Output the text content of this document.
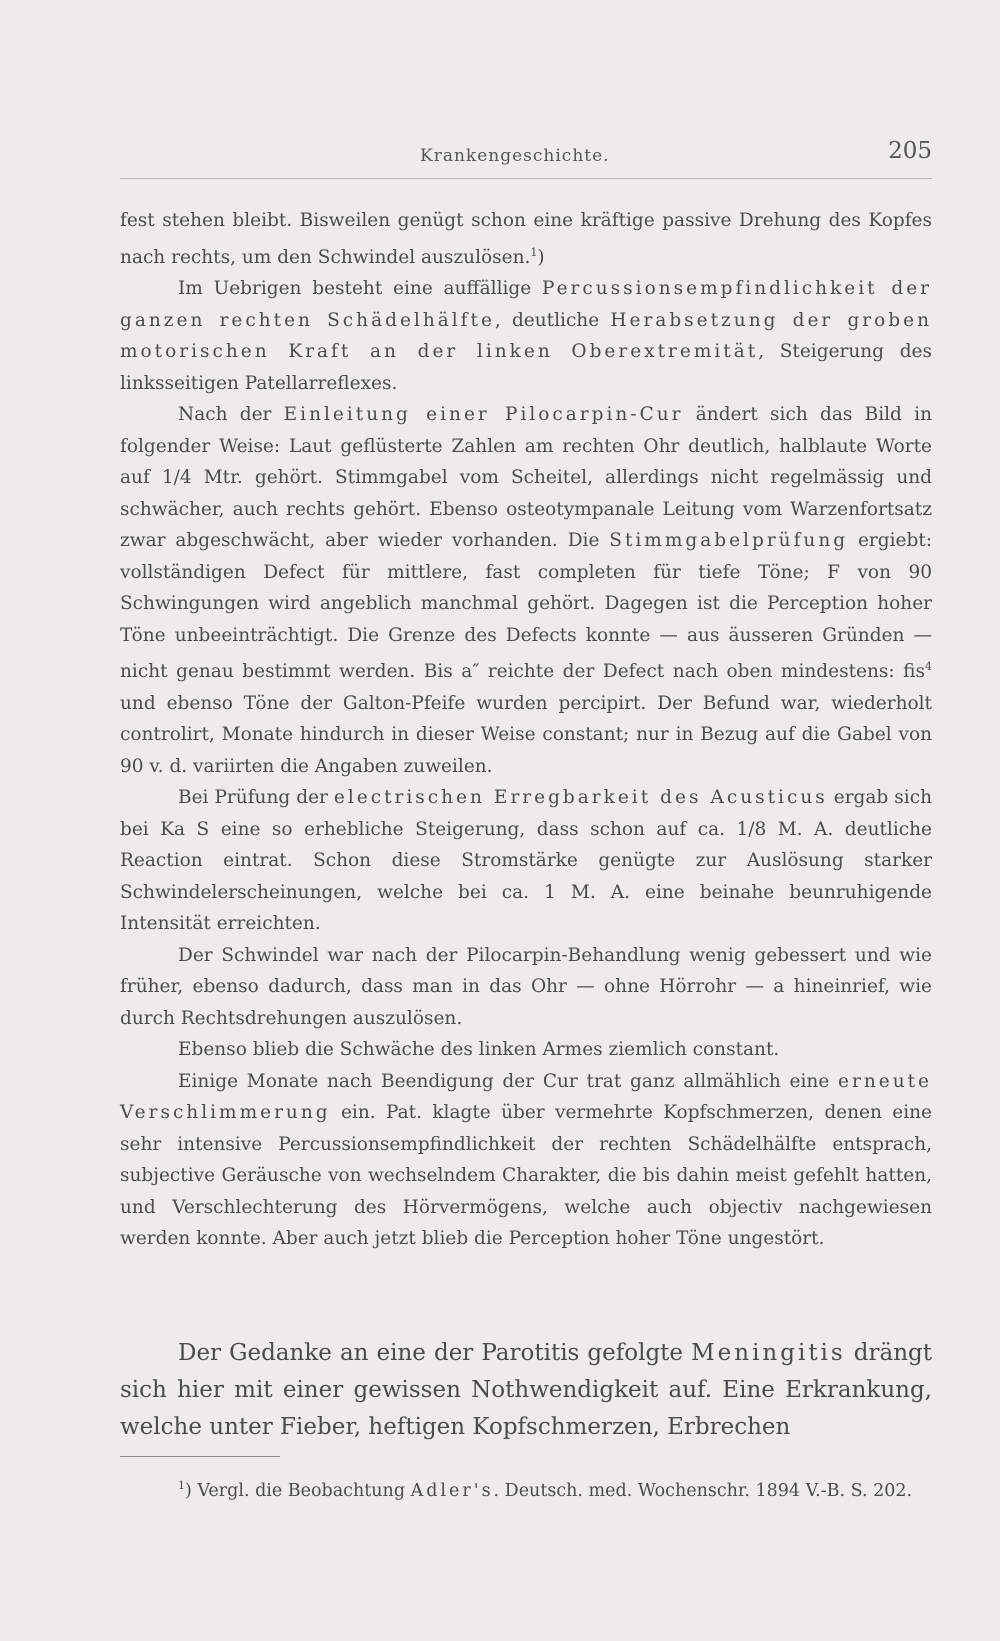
Krankengeschichte.	205

fest stehen bleibt. Bisweilen genügt schon eine kräftige passive Drehung des Kopfes nach rechts, um den Schwindel auszulösen.$^1$)

Im Uebrigen besteht eine auffällige Percussionsempfindlichkeit der ganzen rechten Schädelhälfte, deutliche Herabsetzung der groben motorischen Kraft an der linken Oberextremität, Steigerung des linksseitigen Patellarreflexes.

Nach der Einleitung einer Pilocarpin-Cur ändert sich das Bild in folgender Weise: Laut geflüsterte Zahlen am rechten Ohr deutlich, halblaute Worte auf 1/4 Mtr. gehört. Stimmgabel vom Scheitel, allerdings nicht regelmässig und schwächer, auch rechts gehört. Ebenso osteotympanale Leitung vom Warzenfortsatz zwar abgeschwächt, aber wieder vorhanden. Die Stimmgabelprüfung ergiebt: vollständigen Defect für mittlere, fast completen für tiefe Töne; F von 90 Schwingungen wird angeblich manchmal gehört. Dagegen ist die Perception hoher Töne unbeeinträchtigt. Die Grenze des Defects konnte — aus äusseren Gründen — nicht genau bestimmt werden. Bis a″ reichte der Defect nach oben mindestens: fis$^4$ und ebenso Töne der Galton-Pfeife wurden percipirt. Der Befund war, wiederholt controlirt, Monate hindurch in dieser Weise constant; nur in Bezug auf die Gabel von 90 v. d. variirten die Angaben zuweilen.

Bei Prüfung der electrischen Erregbarkeit des Acusticus ergab sich bei Ka S eine so erhebliche Steigerung, dass schon auf ca. 1/8 M. A. deutliche Reaction eintrat. Schon diese Stromstärke genügte zur Auslösung starker Schwindelerscheinungen, welche bei ca. 1 M. A. eine beinahe beunruhigende Intensität erreichten.

Der Schwindel war nach der Pilocarpin-Behandlung wenig gebessert und wie früher, ebenso dadurch, dass man in das Ohr — ohne Hörrohr — a hineinrief, wie durch Rechtsdrehungen auszulösen.

Ebenso blieb die Schwäche des linken Armes ziemlich constant.

Einige Monate nach Beendigung der Cur trat ganz allmählich eine erneute Verschlimmerung ein. Pat. klagte über vermehrte Kopfschmerzen, denen eine sehr intensive Percussionsempfindlichkeit der rechten Schädelhälfte entsprach, subjective Geräusche von wechselndem Charakter, die bis dahin meist gefehlt hatten, und Verschlechterung des Hörvermögens, welche auch objectiv nachgewiesen werden konnte. Aber auch jetzt blieb die Perception hoher Töne ungestört.

Der Gedanke an eine der Parotitis gefolgte Meningitis drängt sich hier mit einer gewissen Nothwendigkeit auf. Eine Erkrankung, welche unter Fieber, heftigen Kopfschmerzen, Erbrechen

$^1$) Vergl. die Beobachtung Adler's. Deutsch. med. Wochenschr. 1894 V.-B. S. 202.
